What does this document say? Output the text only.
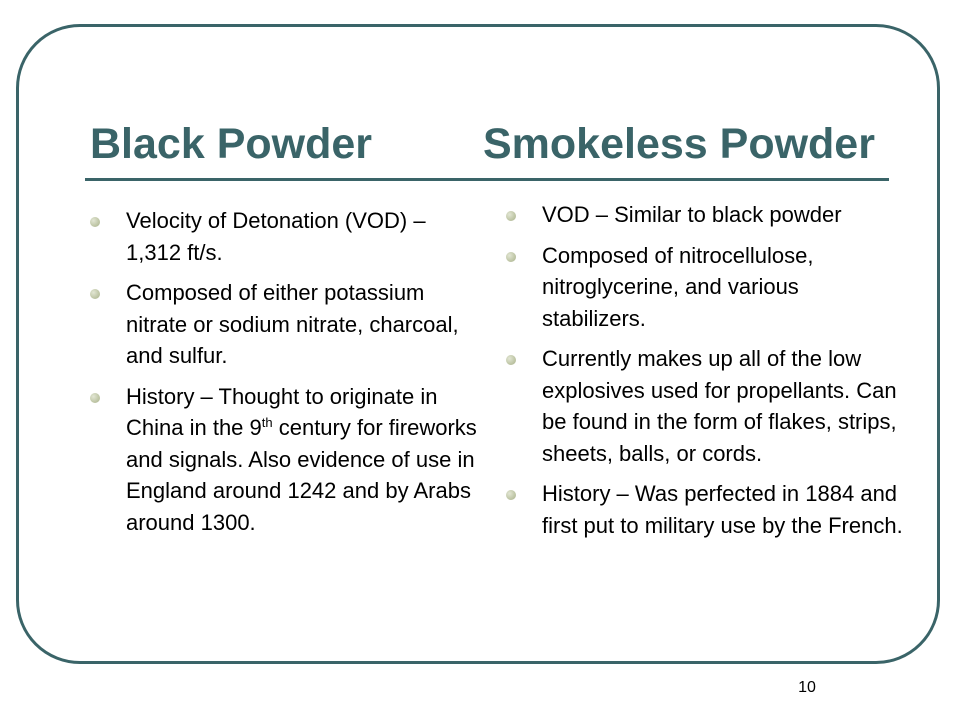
Black Powder	Smokeless Powder
Velocity of Detonation (VOD) – 1,312 ft/s.
Composed of either potassium nitrate or sodium nitrate, charcoal, and sulfur.
History – Thought to originate in China in the 9th century for fireworks and signals. Also evidence of use in England around 1242 and by Arabs around 1300.
VOD – Similar to black powder
Composed of nitrocellulose, nitroglycerine, and various stabilizers.
Currently makes up all of the low explosives used for propellants. Can be found in the form of flakes, strips, sheets, balls, or cords.
History – Was perfected in 1884 and first put to military use by the French.
10
